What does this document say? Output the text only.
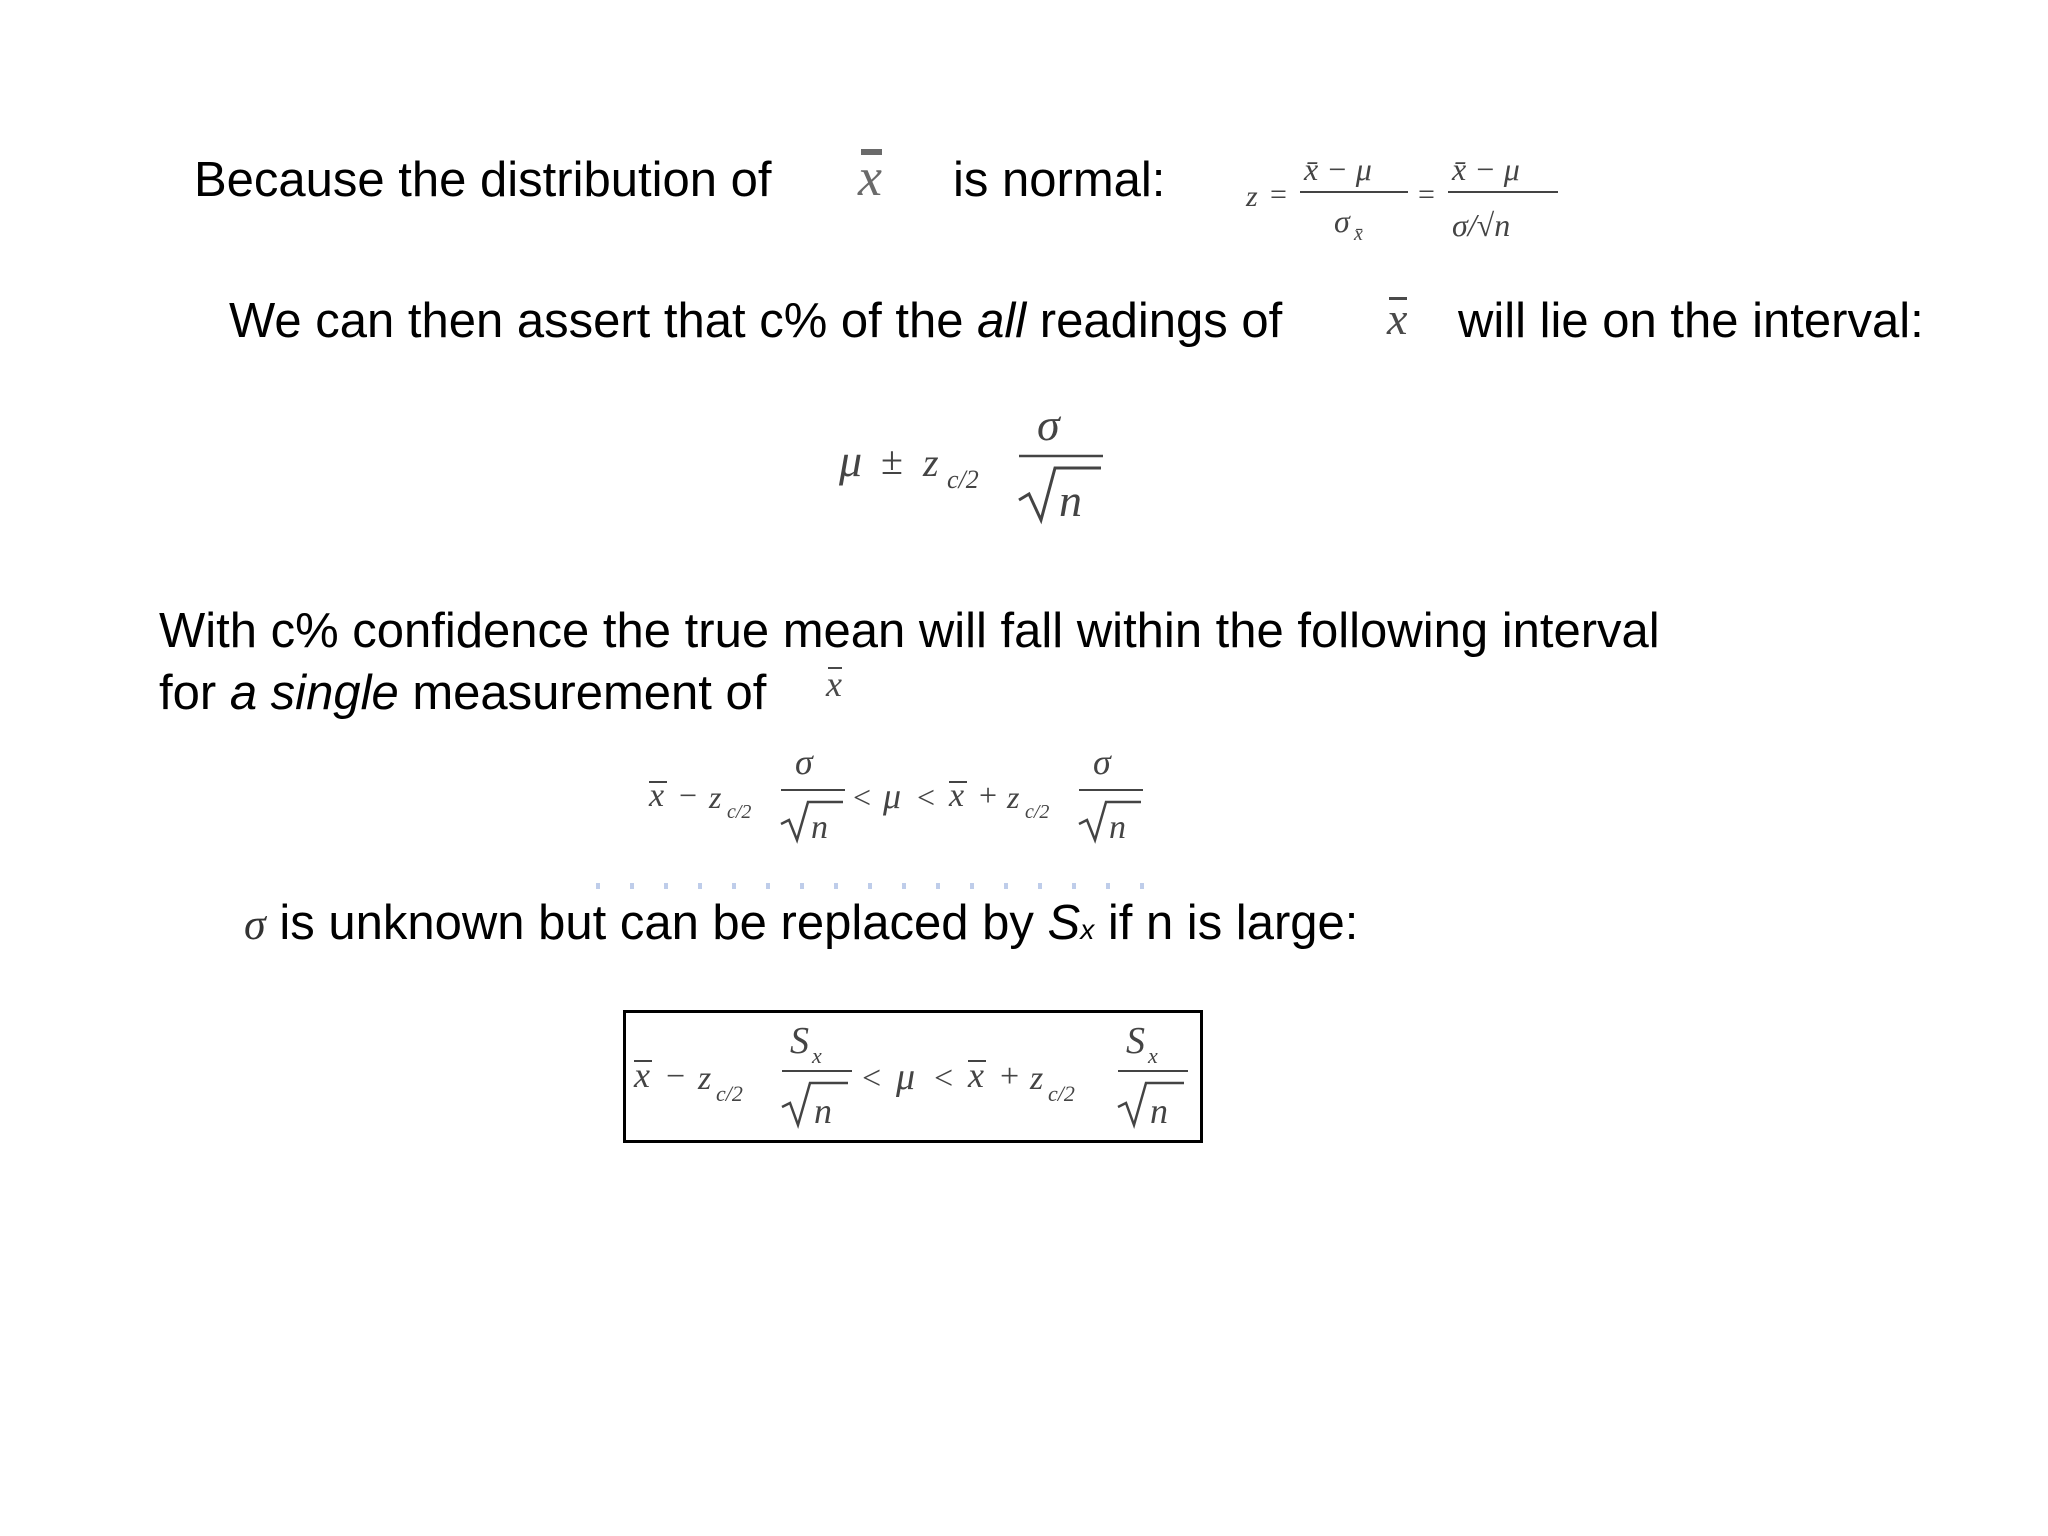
Because the distribution of x is normal:	z =
x̄ − μ
σ x̄
=
x̄ − μ
σ/√n
We can then assert that c% of the all readings of x will lie on the interval:
μ ± z c/2
σ
n
With c% confidence the true mean will fall within the following interval
for a single measurement of x
x − z c/2
σ
n
< μ < x + z c/2
σ
n
σ is unknown but can be replaced by Sx if n is large:
x − z c/2
S x
n
< μ < x + z c/2
S x
n
